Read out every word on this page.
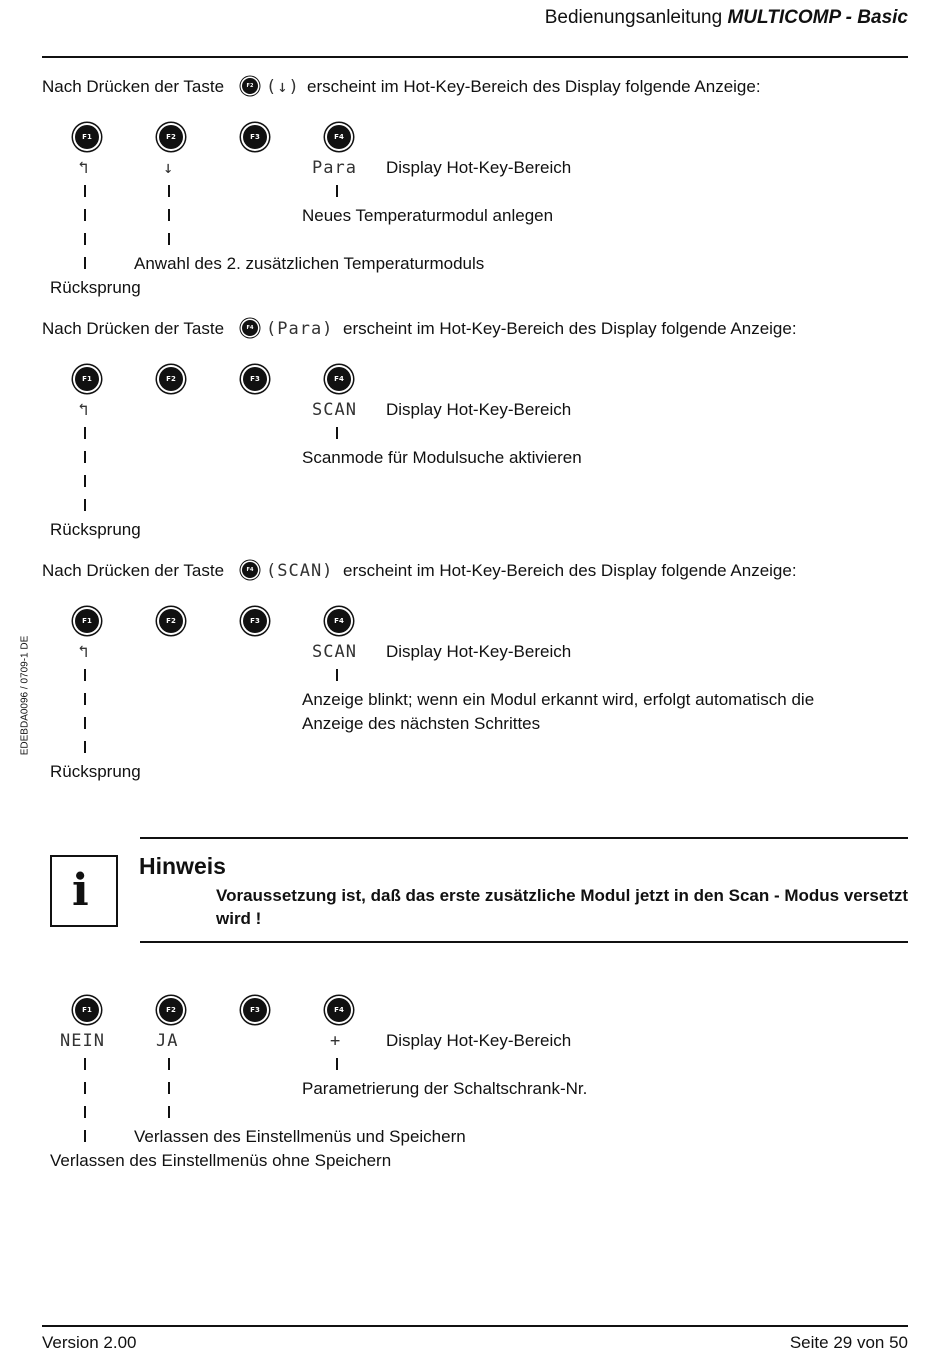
Bedienungsanleitung MULTICOMP - Basic
EDEBDA0096 / 0709-1 DE
Nach Drücken der Taste	F2 (↓) erscheint im Hot-Key-Bereich des Display folgende Anzeige:
F1	F2	F3	F4
↰	↓	Para Display Hot-Key-Bereich
Neues Temperaturmodul anlegen
Anwahl des 2. zusätzlichen Temperaturmoduls
Rücksprung
Nach Drücken der Taste	F4 (Para) erscheint im Hot-Key-Bereich des Display folgende Anzeige:
F1	F2	F3	F4
↰	SCAN Display Hot-Key-Bereich
Scanmode für Modulsuche aktivieren
Rücksprung
Nach Drücken der Taste	F4 (SCAN) erscheint im Hot-Key-Bereich des Display folgende Anzeige:
F1	F2	F3	F4
↰	SCAN Display Hot-Key-Bereich
Anzeige blinkt; wenn ein Modul erkannt wird, erfolgt automatisch die
Anzeige des nächsten Schrittes
Rücksprung
i Hinweis
Voraussetzung ist, daß das erste zusätzliche Modul jetzt in den Scan - Modus versetzt wird !
F1	F2	F3	F4
NEIN	JA	+	Display Hot-Key-Bereich
Parametrierung der Schaltschrank-Nr.
Verlassen des Einstellmenüs und Speichern
Verlassen des Einstellmenüs ohne Speichern
Version 2.00	Seite 29 von 50
